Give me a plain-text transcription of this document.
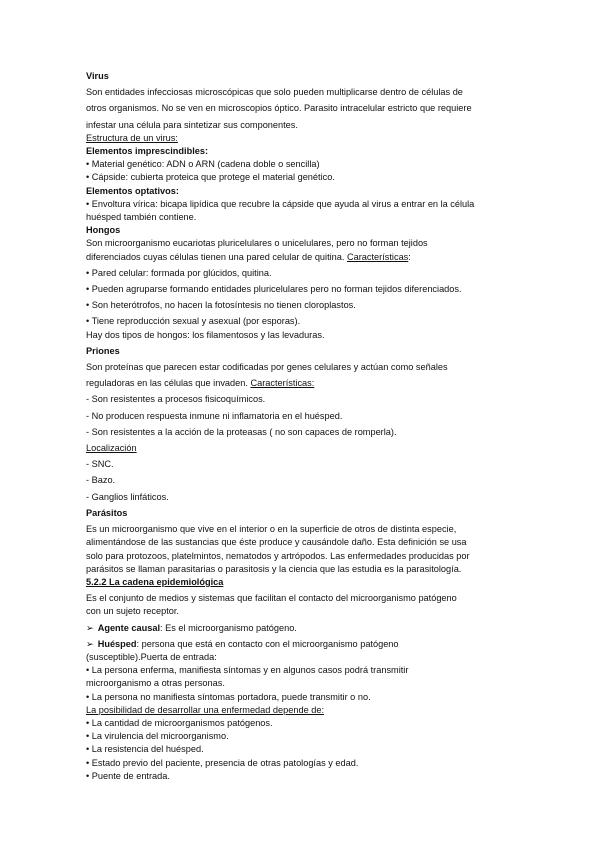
Virus

Son entidades infecciosas microscópicas que solo pueden multiplicarse dentro de células de

otros organismos. No se ven en microscopios óptico. Parasito intracelular estricto que requiere

infestar una célula para sintetizar sus componentes.

Estructura de un virus:

Elementos imprescindibles:

• Material genético: ADN o ARN (cadena doble o sencilla)

• Cápside: cubierta proteica que protege el material genético.

Elementos optativos:

• Envoltura vírica: bicapa lipídica que recubre la cápside que ayuda al virus a entrar en la célula

huésped también contiene.

Hongos

Son microorganismo eucariotas pluricelulares o unicelulares, pero no forman tejidos

diferenciados cuyas células tienen una pared celular de quitina. Características:

• Pared celular: formada por glúcidos, quitina.

• Pueden agruparse formando entidades pluricelulares pero no forman tejidos diferenciados.

• Son heterótrofos, no hacen la fotosíntesis no tienen cloroplastos.

• Tiene reproducción sexual y asexual (por esporas).

Hay dos tipos de hongos: los filamentosos y las levaduras.

Priones

Son proteínas que parecen estar codificadas por genes celulares y actúan como señales

reguladoras en las células que invaden. Características:

- Son resistentes a procesos fisicoquímicos.

- No producen respuesta inmune ni inflamatoria en el huésped.

- Son resistentes a la acción de la proteasas ( no son capaces de romperla).

Localización

- SNC.

- Bazo.

- Ganglios linfáticos.

Parásitos

Es un microorganismo que vive en el interior o en la superficie de otros de distinta especie,

alimentándose de las sustancias que éste produce y causándole daño. Esta definición se usa

solo para protozoos, platelmintos, nematodos y artrópodos. Las enfermedades producidas por

parásitos se llaman parasitarias o parasitosis y la ciencia que las estudia es la parasitología.

5.2.2 La cadena epidemiológica

Es el conjunto de medios y sistemas que facilitan el contacto del microorganismo patógeno

con un sujeto receptor.

➢ Agente causal: Es el microorganismo patógeno.

➢ Huésped: persona que está en contacto con el microorganismo patógeno

(susceptible).Puerta de entrada:

• La persona enferma, manifiesta síntomas y en algunos casos podrá transmitir

microorganismo a otras personas.

• La persona no manifiesta síntomas portadora, puede transmitir o no.

La posibilidad de desarrollar una enfermedad depende de:

• La cantidad de microorganismos patógenos.

• La virulencia del microorganismo.

• La resistencia del huésped.

• Estado previo del paciente, presencia de otras patologías y edad.

• Puente de entrada.
